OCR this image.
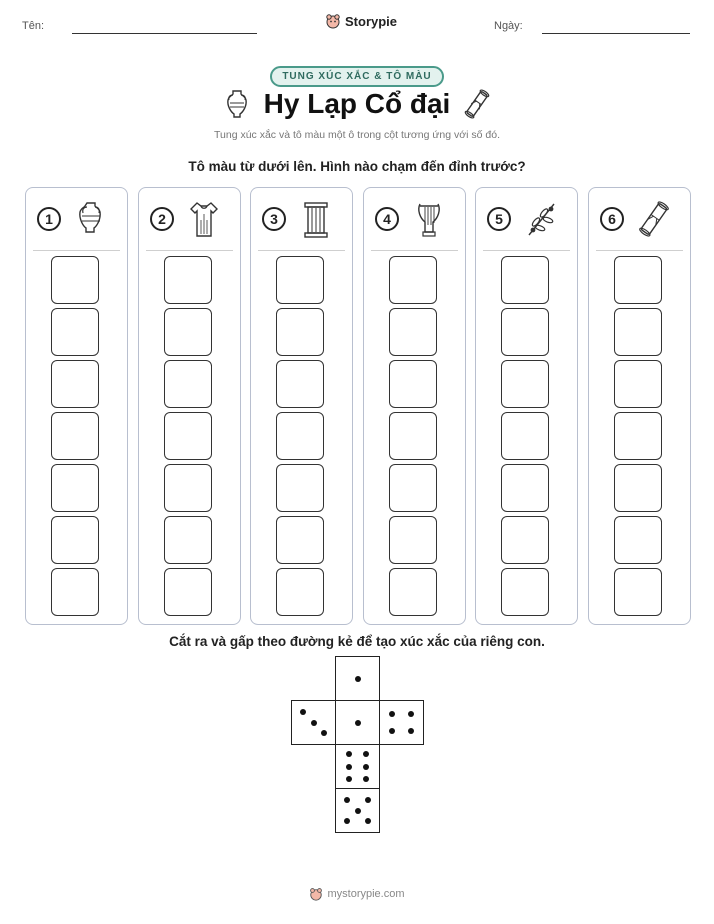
Tên:	Storypie	Ngày:
TUNG XÚC XẮC & TÔ MÀU
Hy Lạp Cổ đại
Tung xúc xắc và tô màu một ô trong cột tương ứng với số đó.
Tô màu từ dưới lên. Hình nào chạm đến đỉnh trước?
1	2	3	4	5	6
Cắt ra và gấp theo đường kẻ để tạo xúc xắc của riêng con.
mystorypie.com
